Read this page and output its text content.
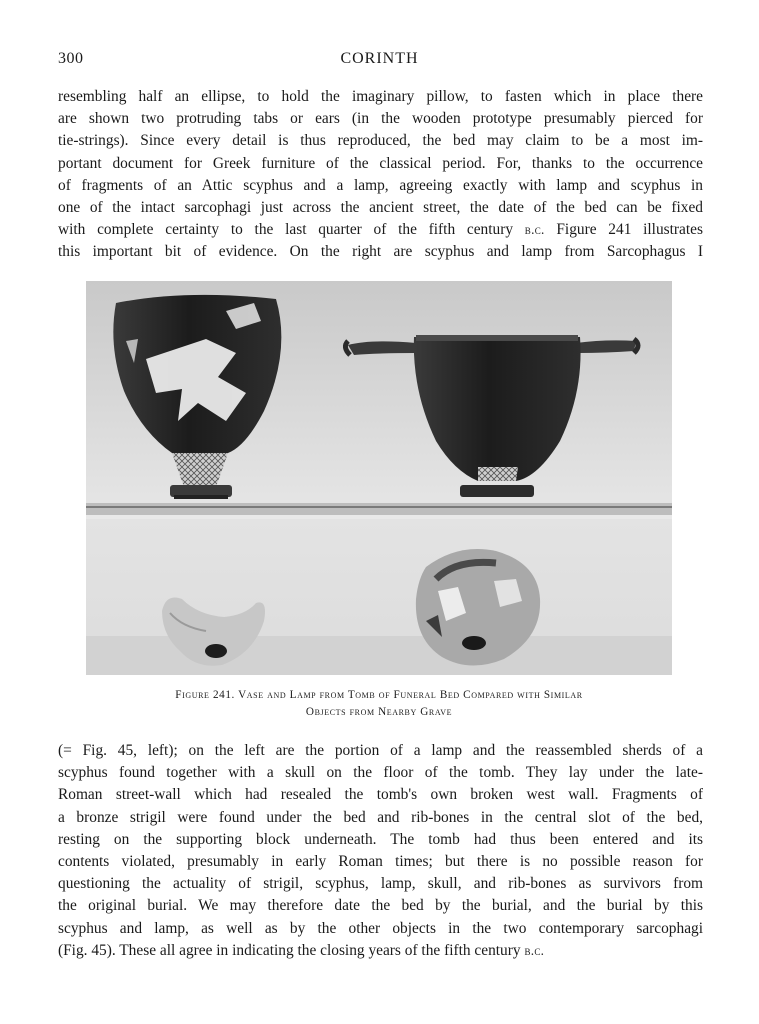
300	CORINTH
resembling half an ellipse, to hold the imaginary pillow, to fasten which in place there
are shown two protruding tabs or ears (in the wooden prototype presumably pierced for
tie-strings). Since every detail is thus reproduced, the bed may claim to be a most im-
portant document for Greek furniture of the classical period. For, thanks to the occurrence
of fragments of an Attic scyphus and a lamp, agreeing exactly with lamp and scyphus in
one of the intact sarcophagi just across the ancient street, the date of the bed can be fixed
with complete certainty to the last quarter of the fifth century b.c. Figure 241 illustrates
this important bit of evidence. On the right are scyphus and lamp from Sarcophagus I
Figure 241. Vase and Lamp from Tomb of Funeral Bed Compared with Similar
Objects from Nearby Grave
(= Fig. 45, left); on the left are the portion of a lamp and the reassembled sherds of a
scyphus found together with a skull on the floor of the tomb. They lay under the late-
Roman street-wall which had resealed the tomb's own broken west wall. Fragments of
a bronze strigil were found under the bed and rib-bones in the central slot of the bed,
resting on the supporting block underneath. The tomb had thus been entered and its
contents violated, presumably in early Roman times; but there is no possible reason for
questioning the actuality of strigil, scyphus, lamp, skull, and rib-bones as survivors from
the original burial. We may therefore date the bed by the burial, and the burial by this
scyphus and lamp, as well as by the other objects in the two contemporary sarcophagi
(Fig. 45). These all agree in indicating the closing years of the fifth century b.c.
